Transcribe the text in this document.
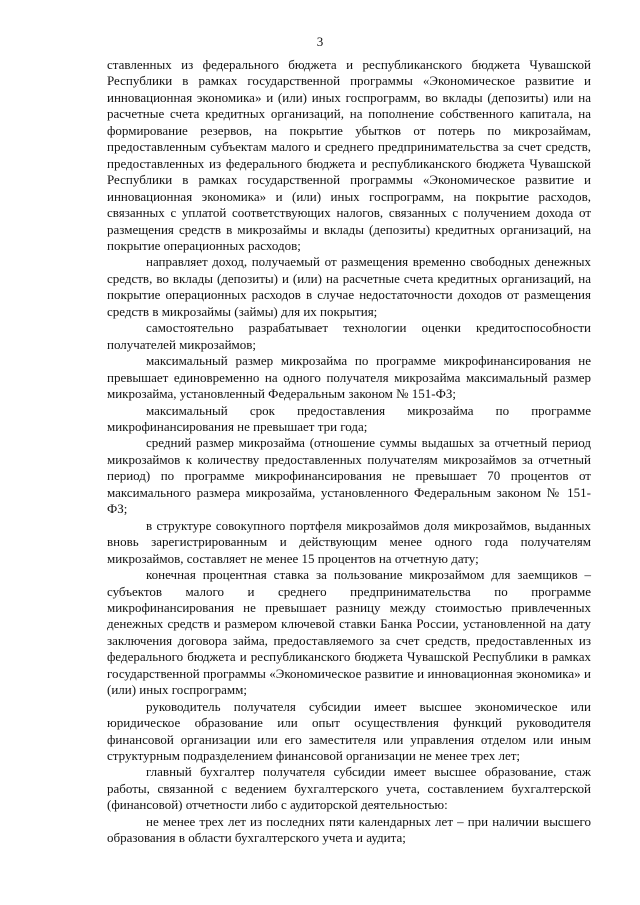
3

ставленных из федерального бюджета и республиканского бюджета Чувашской Республики в рамках государственной программы «Экономическое развитие и инновационная экономика» и (или) иных госпрограмм, во вклады (депозиты) или на расчетные счета кредитных организаций, на пополнение собственного капитала, на формирование резервов, на покрытие убытков от потерь по микрозаймам, предоставленным субъектам малого и среднего предпринимательства за счет средств, предоставленных из федерального бюджета и республиканского бюджета Чувашской Республики в рамках государственной программы «Экономическое развитие и инновационная экономика» и (или) иных госпрограмм, на покрытие расходов, связанных с уплатой соответствующих налогов, связанных с получением дохода от размещения средств в микрозаймы и вклады (депозиты) кредитных организаций, на покрытие операционных расходов;

направляет доход, получаемый от размещения временно свободных денежных средств, во вклады (депозиты) и (или) на расчетные счета кредитных организаций, на покрытие операционных расходов в случае недостаточности доходов от размещения средств в микрозаймы (займы) для их покрытия;

самостоятельно разрабатывает технологии оценки кредитоспособности получателей микрозаймов;

максимальный размер микрозайма по программе микрофинансирования не превышает единовременно на одного получателя микрозайма максимальный размер микрозайма, установленный Федеральным законом № 151-ФЗ;

максимальный срок предоставления микрозайма по программе микрофинансирования не превышает три года;

средний размер микрозайма (отношение суммы выдашых за отчетный период микрозаймов к количеству предоставленных получателям микрозаймов за отчетный период) по программе микрофинансирования не превышает 70 процентов от максимального размера микрозайма, установленного Федеральным законом № 151-ФЗ;

в структуре совокупного портфеля микрозаймов доля микрозаймов, выданных вновь зарегистрированным и действующим менее одного года получателям микрозаймов, составляет не менее 15 процентов на отчетную дату;

конечная процентная ставка за пользование микрозаймом для заемщиков – субъектов малого и среднего предпринимательства по программе микрофинансирования не превышает разницу между стоимостью привлеченных денежных средств и размером ключевой ставки Банка России, установленной на дату заключения договора займа, предоставляемого за счет средств, предоставленных из федерального бюджета и республиканского бюджета Чувашской Республики в рамках государственной программы «Экономическое развитие и инновационная экономика» и (или) иных госпрограмм;

руководитель получателя субсидии имеет высшее экономическое или юридическое образование или опыт осуществления функций руководителя финансовой организации или его заместителя или управления отделом или иным структурным подразделением финансовой организации не менее трех лет;

главный бухгалтер получателя субсидии имеет высшее образование, стаж работы, связанной с ведением бухгалтерского учета, составлением бухгалтерской (финансовой) отчетности либо с аудиторской деятельностью:

не менее трех лет из последних пяти календарных лет – при наличии высшего образования в области бухгалтерского учета и аудита;
